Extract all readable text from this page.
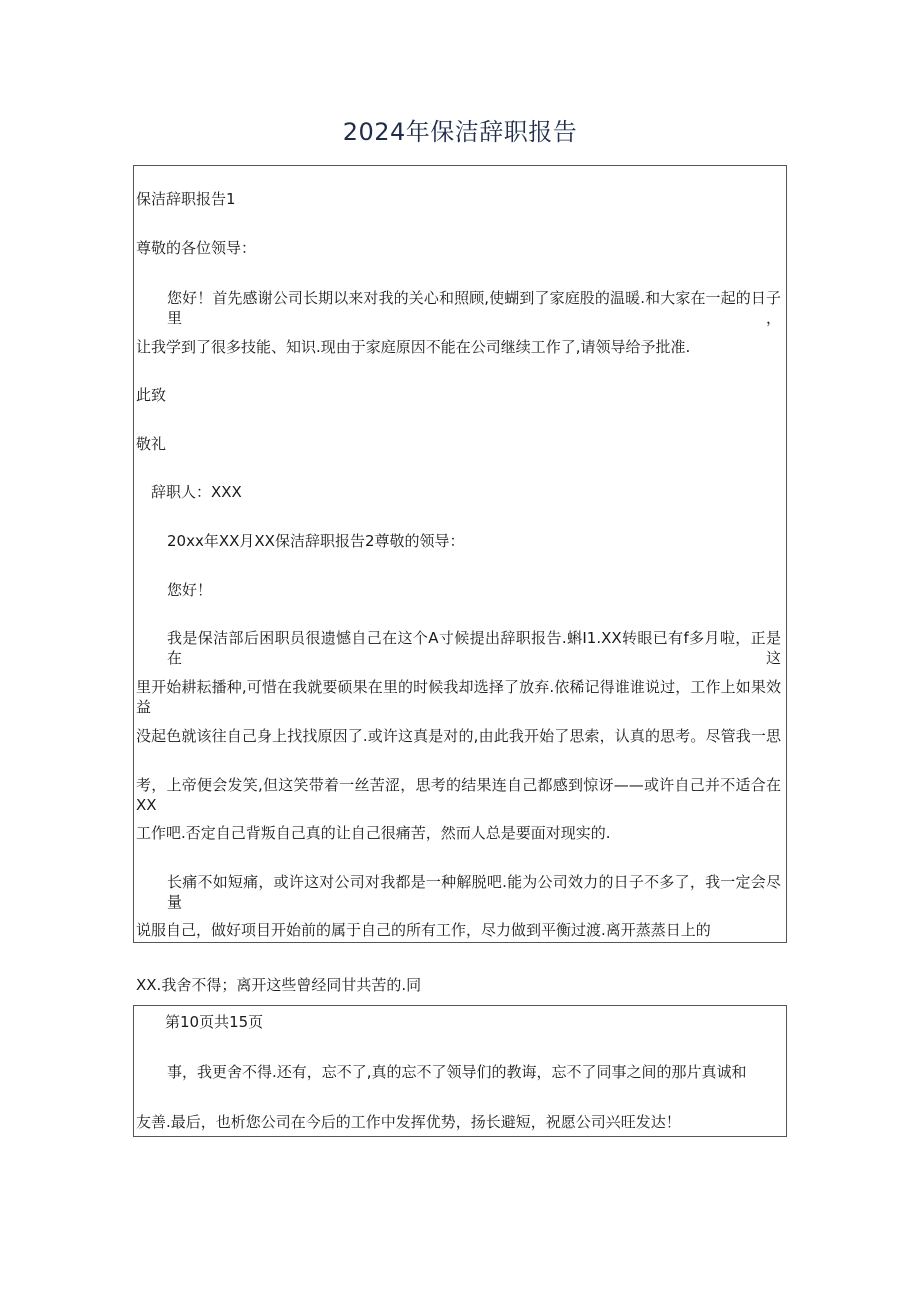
2024年保洁辞职报告
保洁辞职报告1
尊敬的各位领导：
您好！首先感谢公司长期以来对我的关心和照顾,使蝴到了家庭股的温暖.和大家在一起的日子里，
让我学到了很多技能、知识.现由于家庭原因不能在公司继续工作了,请领导给予批准.
此致
敬礼
辞职人：XXX
20xx年XX月XX保洁辞职报告2尊敬的领导：
您好！
我是保洁部后困职员很遗憾自己在这个A寸候提出辞职报告.蝌I1.XX转眼已有f多月啦，正是在这
里开始耕耘播种,可惜在我就要硕果在里的时候我却选择了放弃.依稀记得谁谁说过，工作上如果效益
没起色就该往自己身上找找原因了.或许这真是对的,由此我开始了思索，认真的思考。尽管我一思
考，上帝便会发笑,但这笑带着一丝苦涩，思考的结果连自己都感到惊讶——或许自己并不适合在XX
工作吧.否定自己背叛自己真的让自己很痛苦，然而人总是要面对现实的.
长痛不如短痛，或许这对公司对我都是一种解脱吧.能为公司效力的日子不多了，我一定会尽量
说服自己，做好项目开始前的属于自己的所有工作，尽力做到平衡过渡.离开蒸蒸日上的
XX.我舍不得；离开这些曾经同甘共苦的.同
第10页共15页
事，我更舍不得.还有，忘不了,真的忘不了领导们的教诲，忘不了同事之间的那片真诚和
友善.最后，也析您公司在今后的工作中发挥优势，扬长避短，祝愿公司兴旺发达！
